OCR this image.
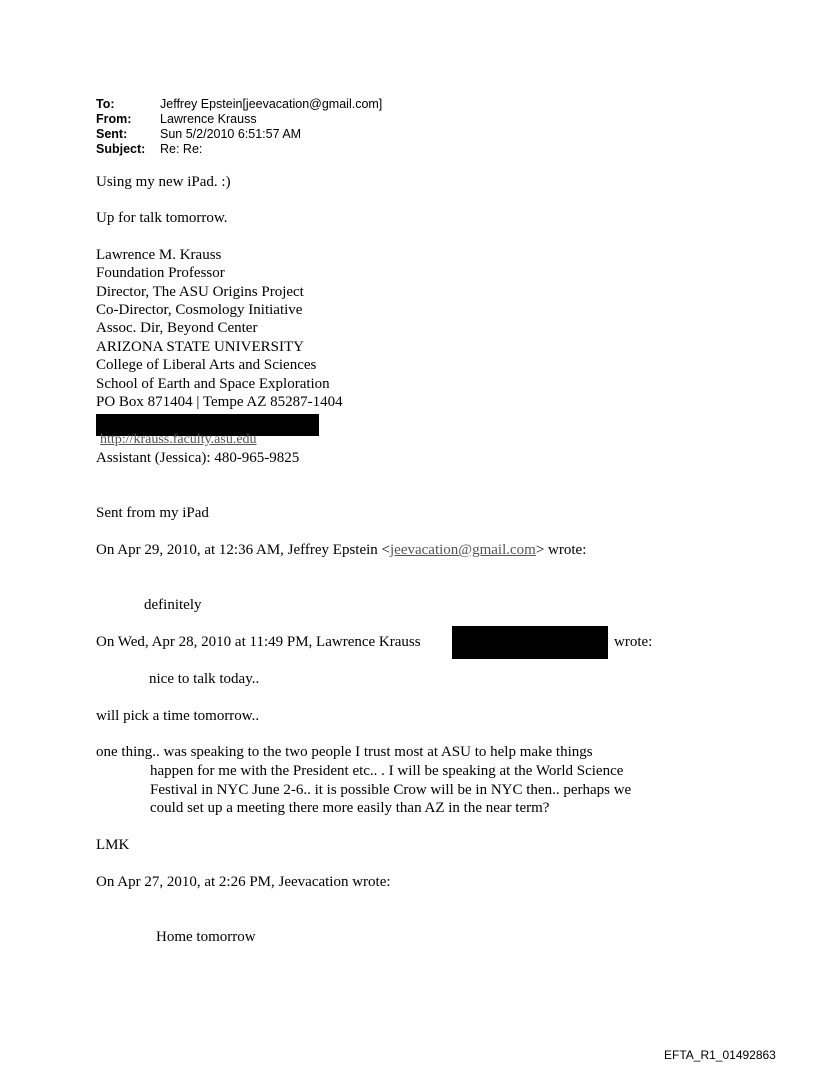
To:	Jeffrey Epstein[jeevacation@gmail.com]
From: Lawrence Krauss
Sent:	Sun 5/2/2010 6:51:57 AM
Subject: Re: Re:
Using my new iPad. :)
Up for talk tomorrow.
Lawrence M. Krauss
Foundation Professor
Director, The ASU Origins Project
Co-Director, Cosmology Initiative
Assoc. Dir, Beyond Center
ARIZONA STATE UNIVERSITY
College of Liberal Arts and Sciences
School of Earth and Space Exploration
PO Box 871404 | Tempe AZ 85287-1404
http://krauss.faculty.asu.edu
Assistant (Jessica): 480-965-9825
Sent from my iPad
On Apr 29, 2010, at 12:36 AM, Jeffrey Epstein <jeevacation@gmail.com> wrote:
definitely
On Wed, Apr 28, 2010 at 11:49 PM, Lawrence Krauss	wrote:
nice to talk today..
will pick a time tomorrow..
one thing.. was speaking to the two people I trust most at ASU to help make things
happen for me with the President etc.. . I will be speaking at the World Science
Festival in NYC June 2-6.. it is possible Crow will be in NYC then.. perhaps we
could set up a meeting there more easily than AZ in the near term?
LMK
On Apr 27, 2010, at 2:26 PM, Jeevacation wrote:
Home tomorrow
EFTA_R1_01492863
